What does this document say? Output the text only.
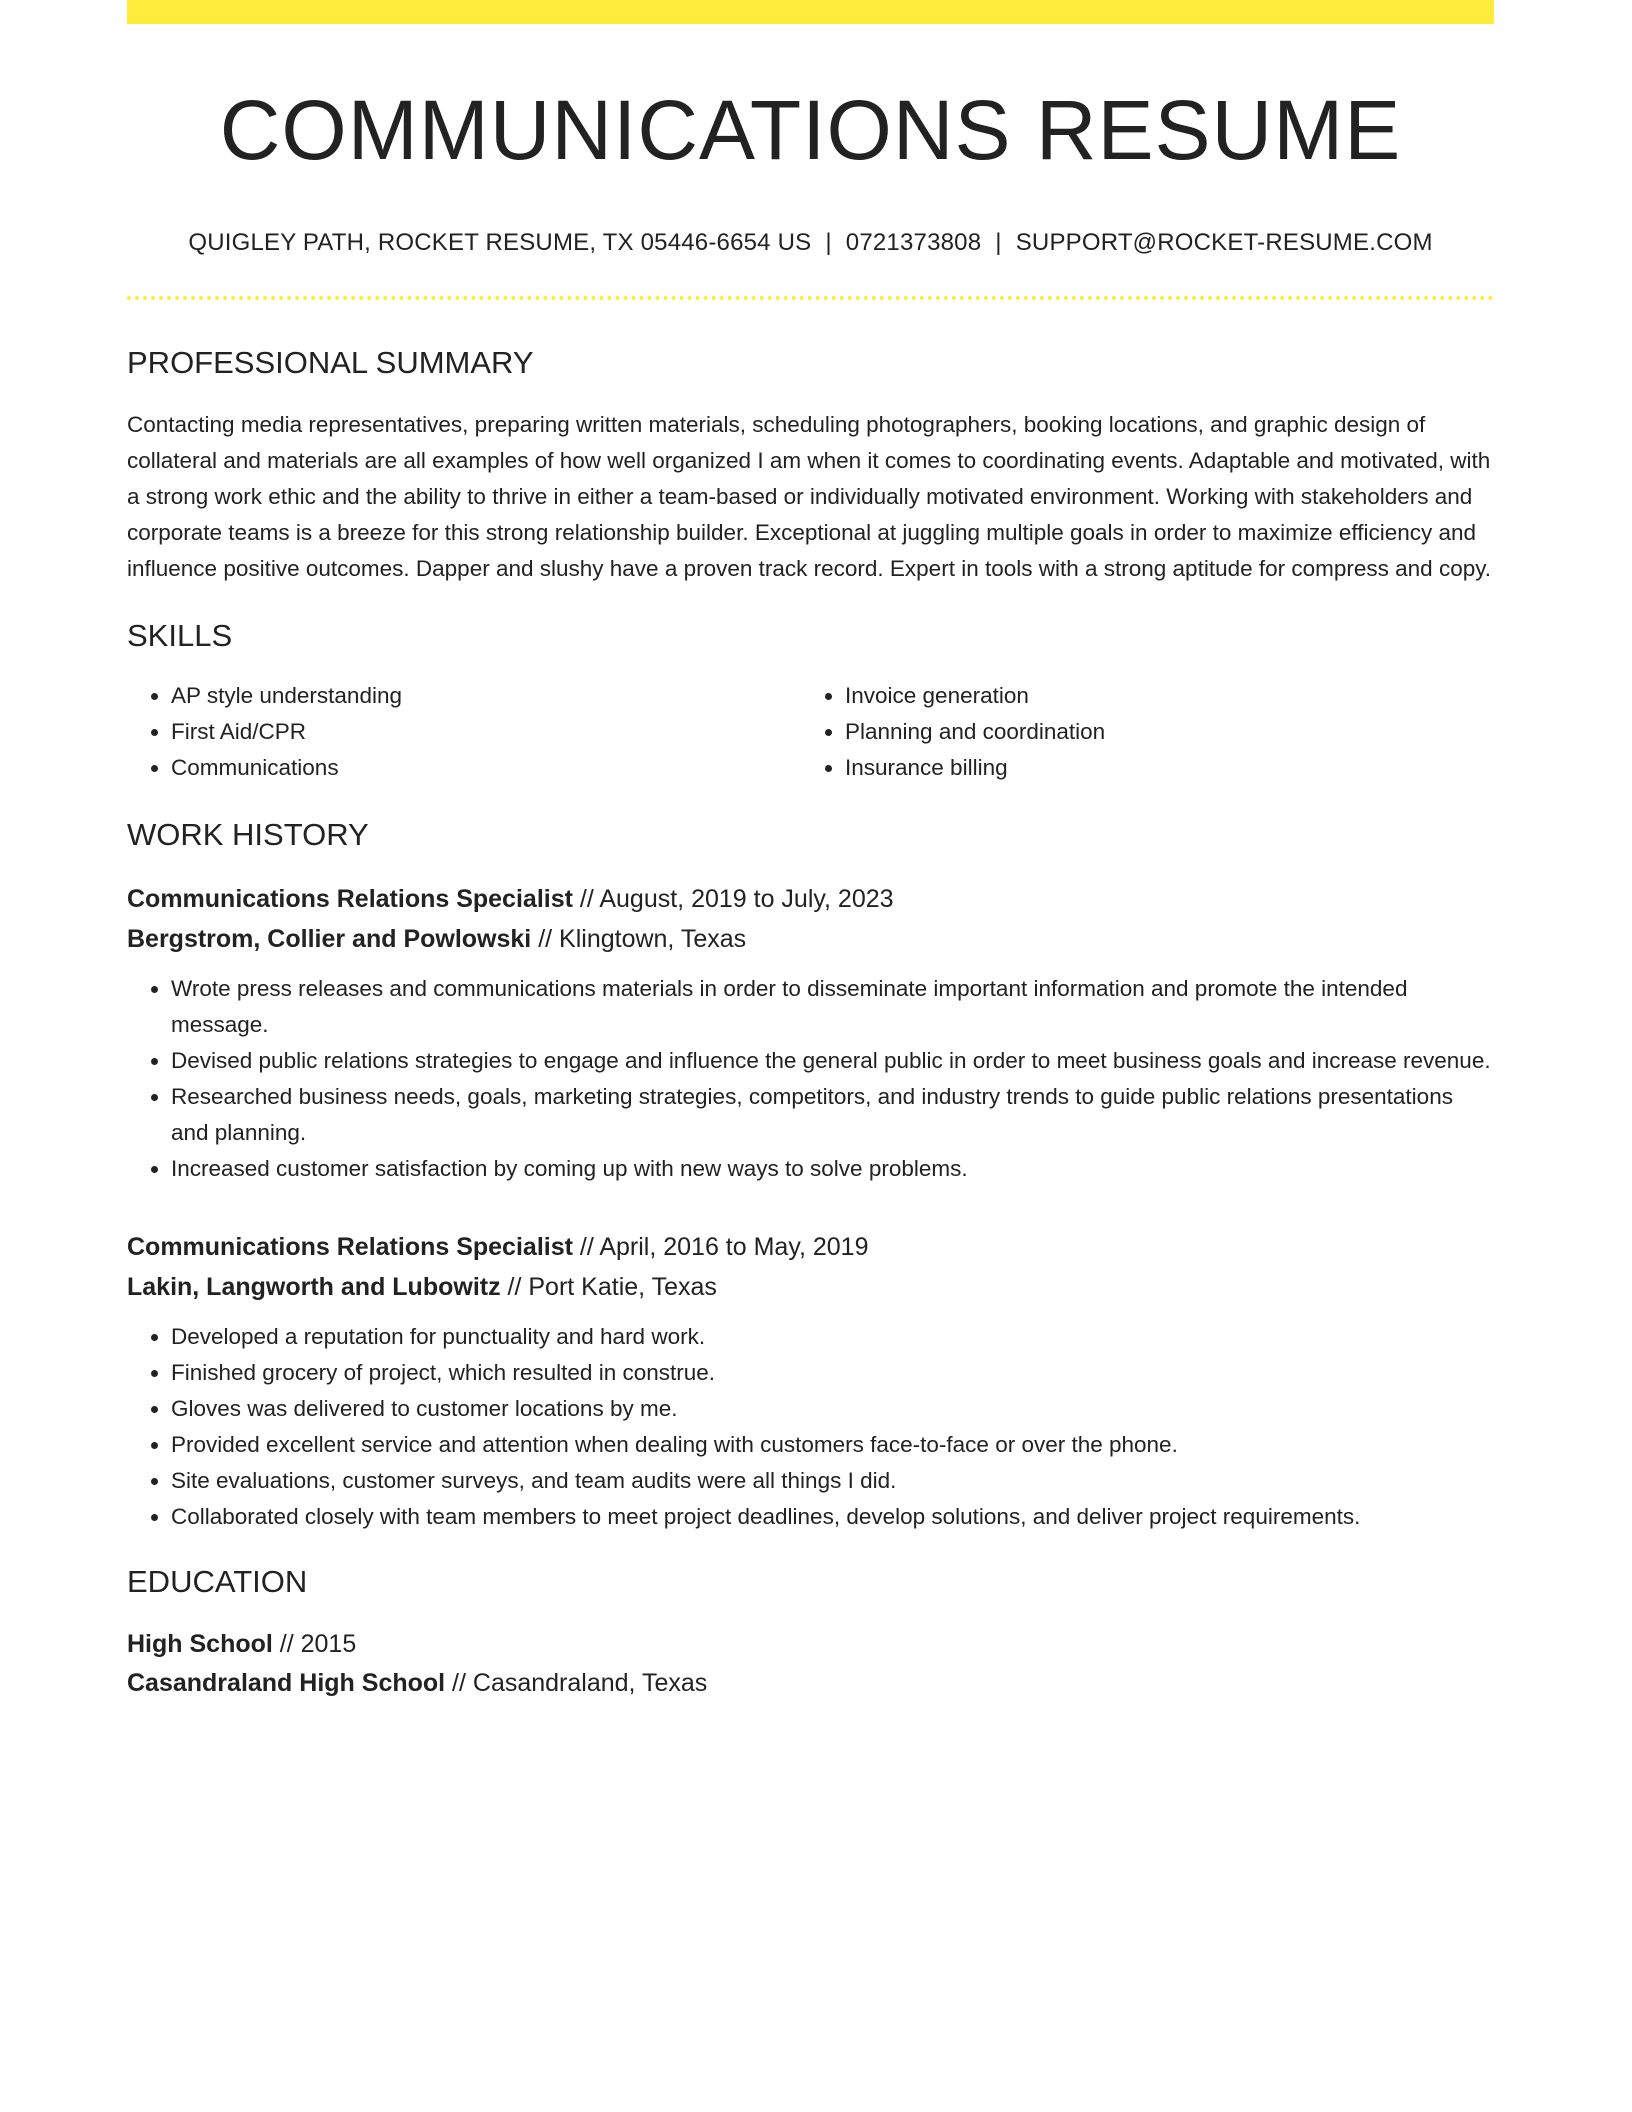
COMMUNICATIONS RESUME
QUIGLEY PATH, ROCKET RESUME, TX 05446-6654 US | 0721373808 | SUPPORT@ROCKET-RESUME.COM
PROFESSIONAL SUMMARY
Contacting media representatives, preparing written materials, scheduling photographers, booking locations, and graphic design of collateral and materials are all examples of how well organized I am when it comes to coordinating events. Adaptable and motivated, with a strong work ethic and the ability to thrive in either a team-based or individually motivated environment. Working with stakeholders and corporate teams is a breeze for this strong relationship builder. Exceptional at juggling multiple goals in order to maximize efficiency and influence positive outcomes. Dapper and slushy have a proven track record. Expert in tools with a strong aptitude for compress and copy.
SKILLS
• AP style understanding
• First Aid/CPR
• Communications
• Invoice generation
• Planning and coordination
• Insurance billing
WORK HISTORY
Communications Relations Specialist // August, 2019 to July, 2023
Bergstrom, Collier and Powlowski // Klingtown, Texas
• Wrote press releases and communications materials in order to disseminate important information and promote the intended message.
• Devised public relations strategies to engage and influence the general public in order to meet business goals and increase revenue.
• Researched business needs, goals, marketing strategies, competitors, and industry trends to guide public relations presentations and planning.
• Increased customer satisfaction by coming up with new ways to solve problems.
Communications Relations Specialist // April, 2016 to May, 2019
Lakin, Langworth and Lubowitz // Port Katie, Texas
• Developed a reputation for punctuality and hard work.
• Finished grocery of project, which resulted in construe.
• Gloves was delivered to customer locations by me.
• Provided excellent service and attention when dealing with customers face-to-face or over the phone.
• Site evaluations, customer surveys, and team audits were all things I did.
• Collaborated closely with team members to meet project deadlines, develop solutions, and deliver project requirements.
EDUCATION
High School // 2015
Casandraland High School // Casandraland, Texas
